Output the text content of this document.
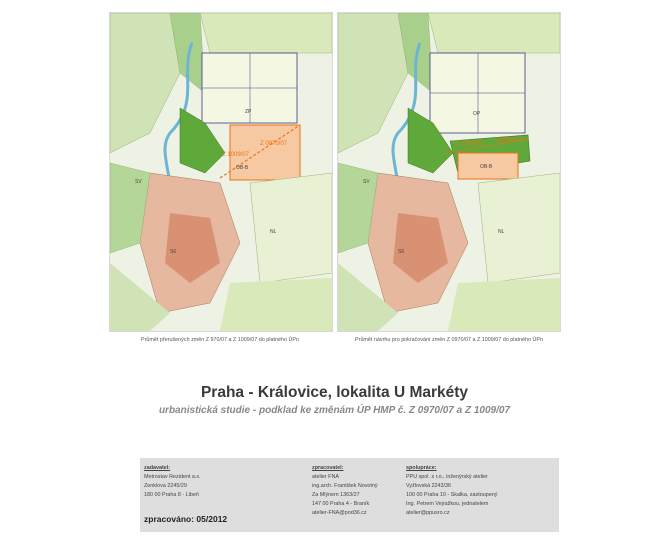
Z 0970/07
Z 1009/07
OB-B
SV
ZP
S6
NL
Z 1009/07 Z 0970/07
OB-B
SV
OP
S6
NL
Průmět přerušených změn Z 970/07 a Z 1009/07 do platného ÚPn	Průmět návrhu pro pokračování změn Z 0970/07 a Z 1009/07 do platného ÚPn
Praha - Královice, lokalita U Markéty
urbanistická studie - podklad ke změnám ÚP HMP č. Z 0970/07 a Z 1009/07
zadavatel:
Metrostav Rezident a.s.
Zenklova 2245/29
180 00 Praha 8 - Libeň
zpracovatel:
atelier FNA
ing.arch. František Novotný
Za Mlýnem 1363/27
147 00 Praha 4 - Braník
atelier-FNA@pod36.cz
spolupráce:
PPU spol. s r.o., inženýrský atelier
Vyžlovská 2243/36
100 00 Praha 10 - Skalka, zastoupený
Ing. Petrem Vejražkou, jednatelem
atelier@ppusro.cz
zpracováno: 05/2012
